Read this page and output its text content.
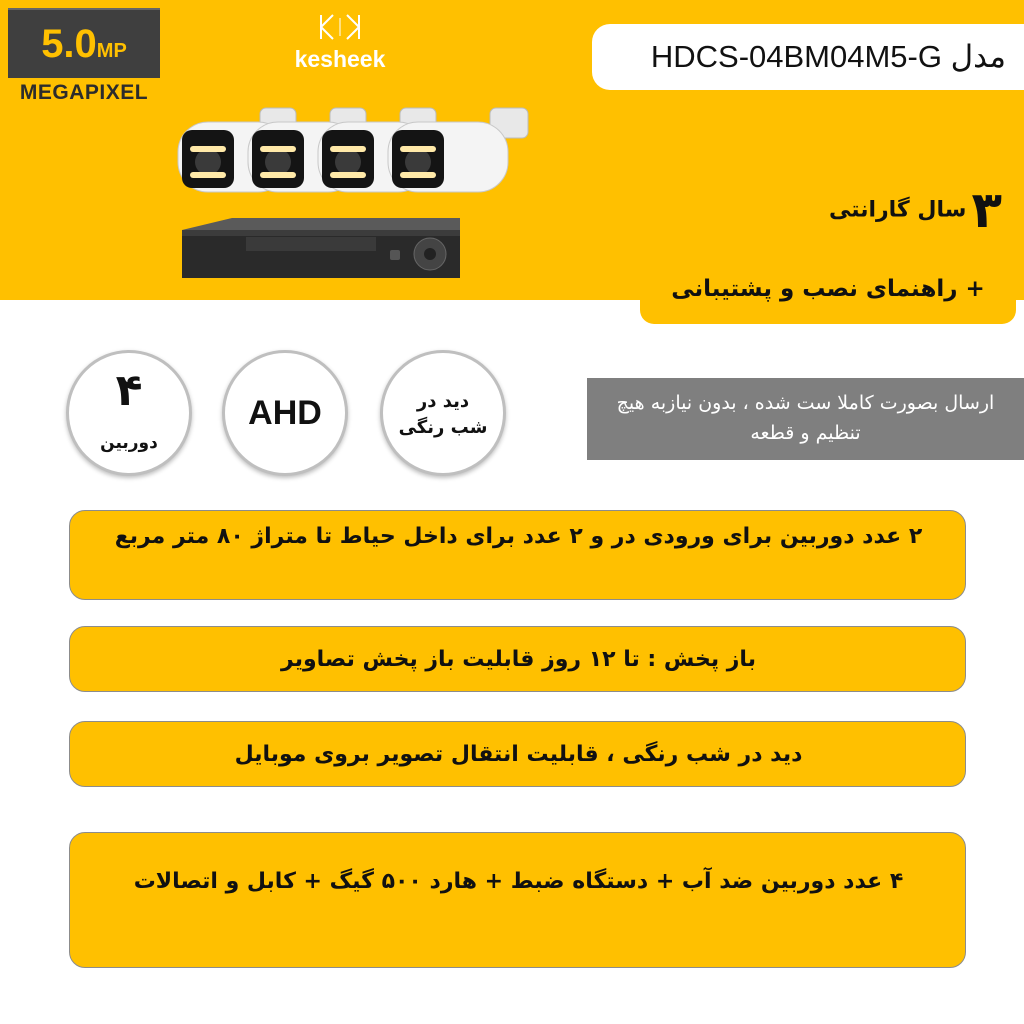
5.0MP
MEGAPIXEL
kesheek	مدل HDCS-04BM04M5-G
۳ سال گارانتی
+ راهنمای نصب و پشتیبانی
۴
دوربین
AHD	دید در
شب رنگی
ارسال بصورت کاملا ست شده ، بدون نیازبه هیچ تنظیم و قطعه
۲ عدد دوربین برای ورودی در و ۲ عدد برای داخل حیاط تا متراژ ۸۰ متر مربع
باز پخش : تا ۱۲ روز قابلیت باز پخش تصاویر
دید در شب رنگی ، قابلیت انتقال تصویر بروی موبایل
۴ عدد دوربین ضد آب + دستگاه ضبط + هارد ۵۰۰ گیگ + کابل و اتصالات
